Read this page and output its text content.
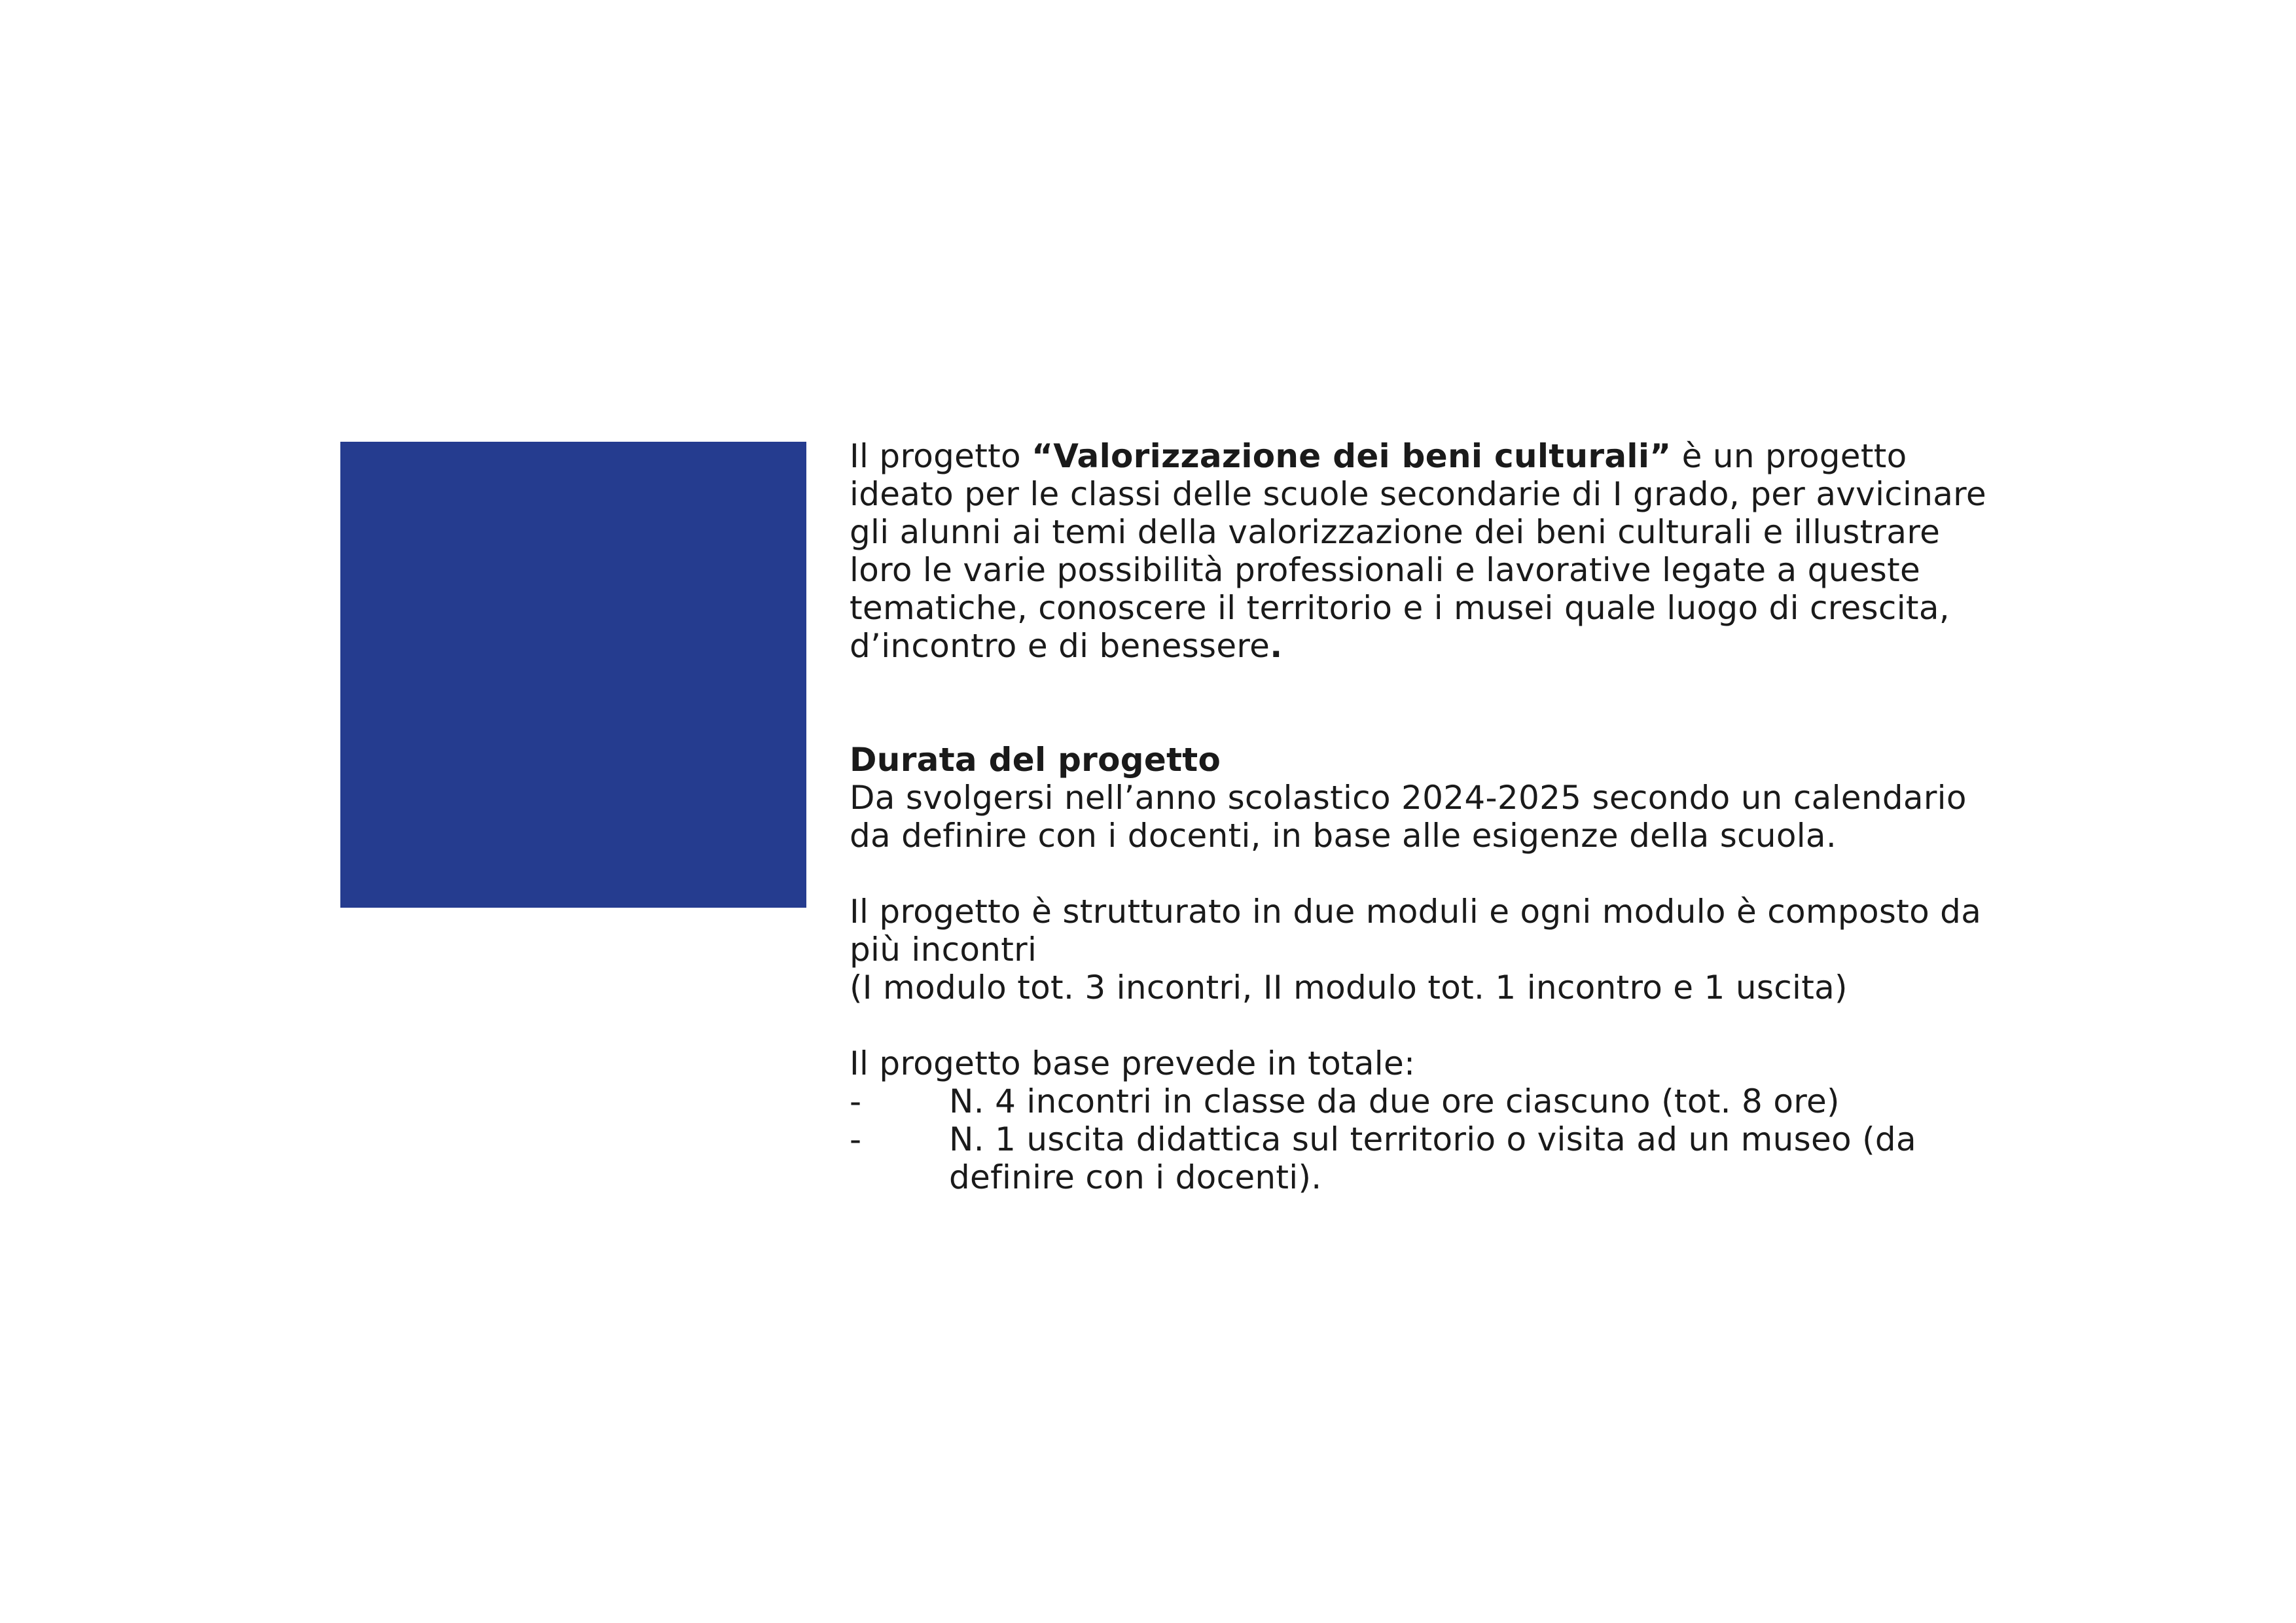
Il progetto “Valorizzazione dei beni culturali” è un progetto ideato per le classi delle scuole secondarie di I grado, per avvicinare gli alunni ai temi della valorizzazione dei beni culturali e illustrare loro le varie possibilità professionali e lavorative legate a queste tematiche, conoscere il territorio e i musei quale luogo di crescita, d’incontro e di benessere.

Durata del progetto

Da svolgersi nell’anno scolastico 2024-2025 secondo un calendario da definire con i docenti, in base alle esigenze della scuola.

Il progetto è strutturato in due moduli e ogni modulo è composto da più incontri

(I modulo tot. 3 incontri, II modulo tot. 1 incontro e 1 uscita)

Il progetto base prevede in totale:

-	N. 4 incontri in classe da due ore ciascuno (tot. 8 ore)
-	N. 1 uscita didattica sul territorio o visita ad un museo (da definire con i docenti).
